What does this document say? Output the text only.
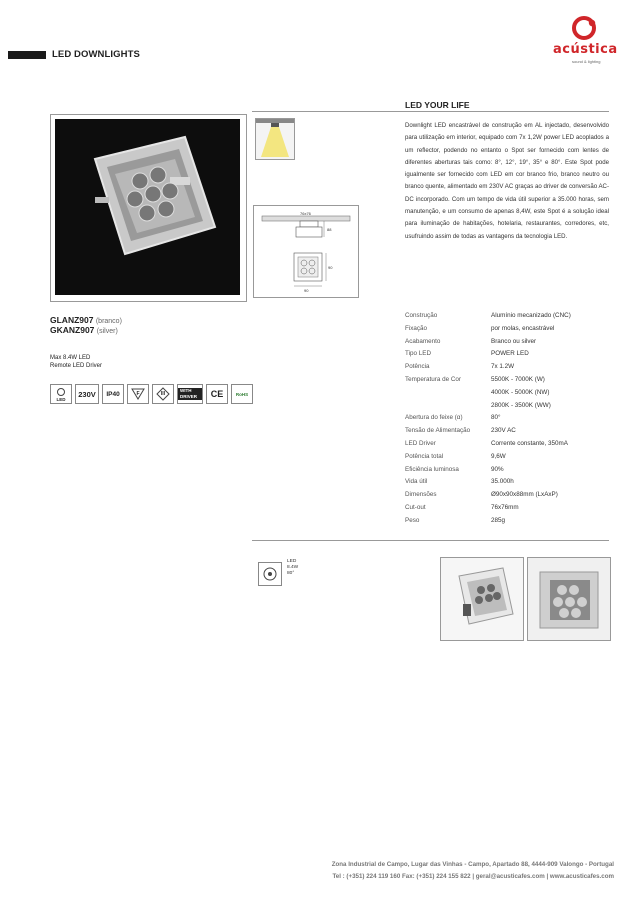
LED DOWNLIGHTS	acústica
sound & lighting
GLANZ907 (branco)
GKANZ907 (silver)
Max 8.4W LED
Remote LED Driver
LED
230V	IP40	F	III
WITH DRIVER	CE	RoHS
LED YOUR LIFE
Downlight LED encastrável de construção em AL injectado, desenvolvido para utilização em interior, equipado com 7x 1,2W power LED acoplados a um reflector, podendo no entanto o Spot ser fornecido com lentes de diferentes aberturas tais como: 8°, 12°, 19°, 35° e 80°. Este Spot pode igualmente ser fornecido com LED em cor branco frio, branco neutro ou branco quente, alimentado em 230V AC graças ao driver de conversão AC-DC incorporado. Com um tempo de vida útil superior a 35.000 horas, sem manutenção, e um consumo de apenas 8,4W, este Spot é a solução ideal para iluminação de habitações, hotelaria, restaurantes, corredores, etc, usufruindo assim de todas as vantagens da tecnologia LED.
76x76
88
90
90
Construção	Alumínio mecanizado (CNC)
Fixação	por molas, encastrável
Acabamento	Branco ou silver
Tipo LED	POWER LED
Potência	7x 1.2W
Temperatura de Cor	5500K - 7000K (W)
4000K - 5000K (NW)
2800K - 3500K (WW)
Abertura do feixe (α)	80°
Tensão de Alimentação	230V AC
LED Driver	Corrente constante, 350mA
Potência total	9,6W
Eficiência luminosa	90%
Vida útil	35.000h
Dimensões	Ø90x90x88mm (LxAxP)
Cut-out	76x76mm
Peso	285g
LED
8.4W
80°
Zona Industrial de Campo, Lugar das Vinhas - Campo, Apartado 88, 4444-909 Valongo - Portugal
Tel : (+351) 224 119 160 Fax: (+351) 224 155 822 | geral@acusticafes.com | www.acusticafes.com
